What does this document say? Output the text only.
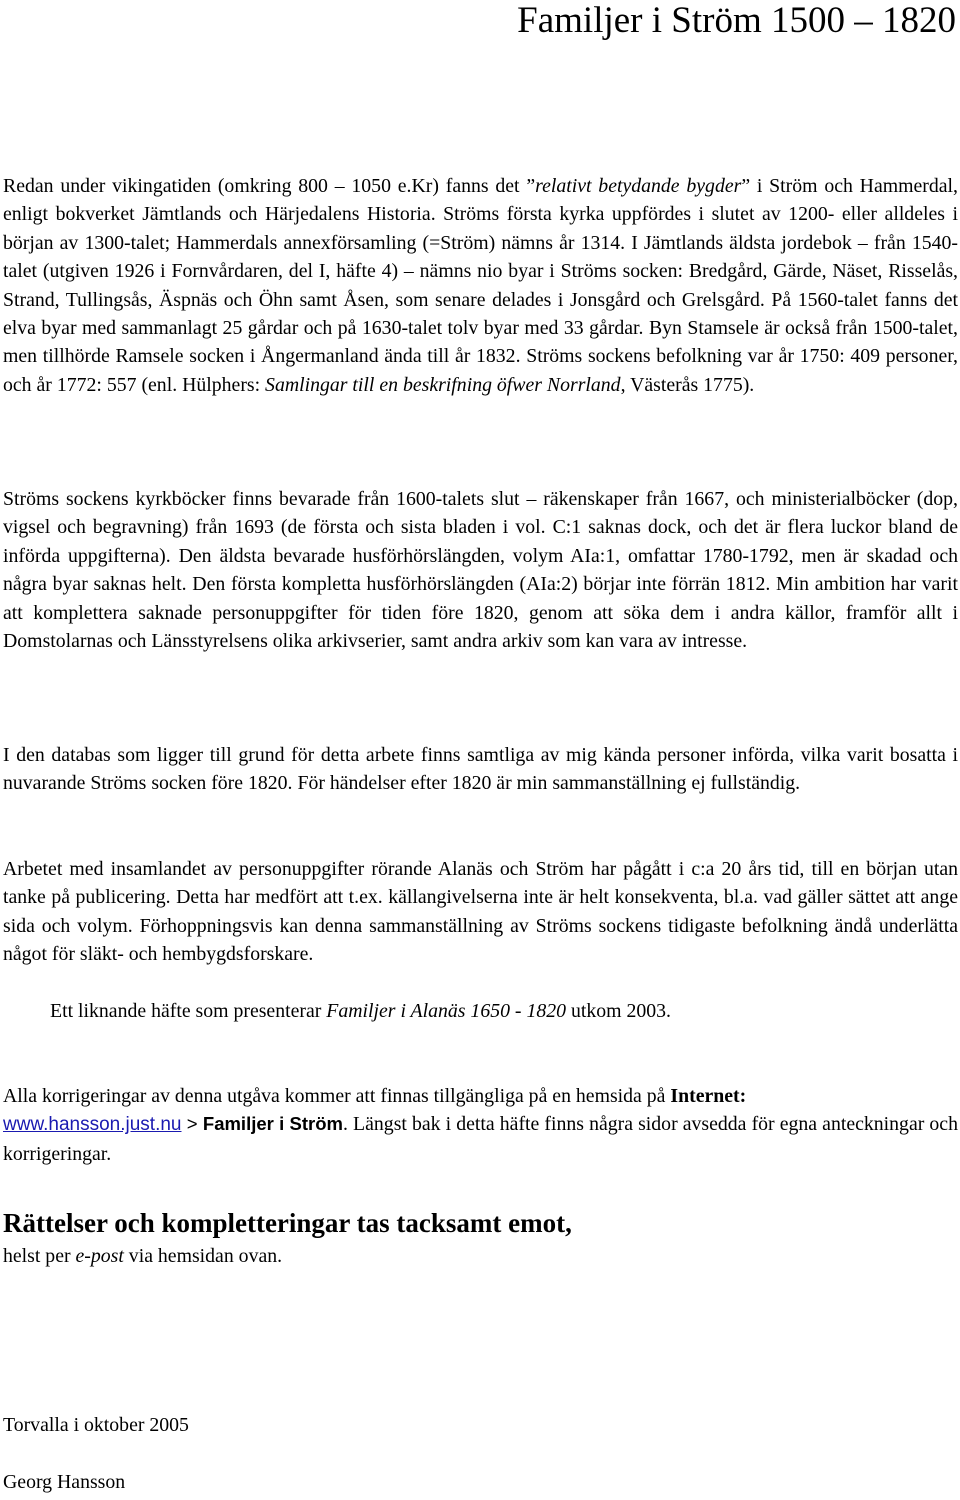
Familjer i Ström 1500 – 1820

Redan under vikingatiden (omkring 800 – 1050 e.Kr) fanns det ”relativt betydande bygder” i Ström och Hammerdal, enligt bokverket Jämtlands och Härjedalens Historia. Ströms första kyrka uppfördes i slutet av 1200- eller alldeles i början av 1300-talet; Hammerdals annexförsamling (=Ström) nämns år 1314. I Jämtlands äldsta jordebok – från 1540-talet (utgiven 1926 i Fornvårdaren, del I, häfte 4) – nämns nio byar i Ströms socken: Bredgård, Gärde, Näset, Risselås, Strand, Tullingsås, Äspnäs och Öhn samt Åsen, som senare delades i Jonsgård och Grelsgård. På 1560-talet fanns det elva byar med sammanlagt 25 gårdar och på 1630-talet tolv byar med 33 gårdar. Byn Stamsele är också från 1500-talet, men tillhörde Ramsele socken i Ångermanland ända till år 1832. Ströms sockens befolkning var år 1750: 409 personer, och år 1772: 557 (enl. Hülphers: Samlingar till en beskrifning öfwer Norrland, Västerås 1775).

Ströms sockens kyrkböcker finns bevarade från 1600-talets slut – räkenskaper från 1667, och ministerialböcker (dop, vigsel och begravning) från 1693 (de första och sista bladen i vol. C:1 saknas dock, och det är flera luckor bland de införda uppgifterna). Den äldsta bevarade husförhörslängden, volym AIa:1, omfattar 1780-1792, men är skadad och några byar saknas helt. Den första kompletta husförhörslängden (AIa:2) börjar inte förrän 1812. Min ambition har varit att komplettera saknade personuppgifter för tiden före 1820, genom att söka dem i andra källor, framför allt i Domstolarnas och Länsstyrelsens olika arkivserier, samt andra arkiv som kan vara av intresse.

I den databas som ligger till grund för detta arbete finns samtliga av mig kända personer införda, vilka varit bosatta i nuvarande Ströms socken före 1820. För händelser efter 1820 är min sammanställning ej fullständig.

Arbetet med insamlandet av personuppgifter rörande Alanäs och Ström har pågått i c:a 20 års tid, till en början utan tanke på publicering. Detta har medfört att t.ex. källangivelserna inte är helt konsekventa, bl.a. vad gäller sättet att ange sida och volym. Förhoppningsvis kan denna sammanställning av Ströms sockens tidigaste befolkning ändå underlätta något för släkt- och hembygdsforskare.

Ett liknande häfte som presenterar Familjer i Alanäs 1650 - 1820 utkom 2003.

Alla korrigeringar av denna utgåva kommer att finnas tillgängliga på en hemsida på Internet:
www.hansson.just.nu > Familjer i Ström. Längst bak i detta häfte finns några sidor avsedda för egna anteckningar och korrigeringar.

Rättelser och kompletteringar tas tacksamt emot,

helst per e-post via hemsidan ovan.

Torvalla i oktober 2005

Georg Hansson
